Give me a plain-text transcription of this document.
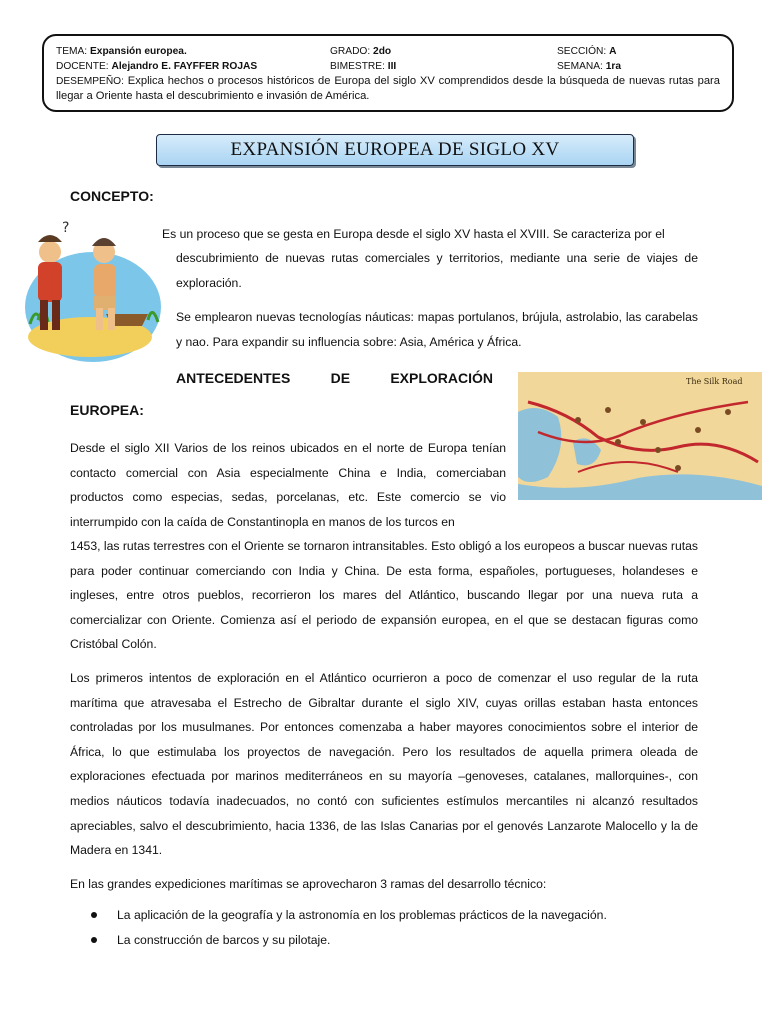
TEMA: Expansión europea.	GRADO: 2do	SECCIÓN: A
DOCENTE: Alejandro E. FAYFFER ROJAS	BIMESTRE: III	SEMANA: 1ra
DESEMPEÑO: Explica hechos o procesos históricos de Europa del siglo XV comprendidos desde la búsqueda de nuevas rutas para llegar a Oriente hasta el descubrimiento e invasión de América.
EXPANSIÓN EUROPEA DE SIGLO XV
CONCEPTO:
?	Es un proceso que se gesta en Europa desde el siglo XV hasta el XVIII. Se caracteriza por el
descubrimiento de nuevas rutas comerciales y territorios, mediante una serie de viajes de exploración.
Se emplearon nuevas tecnologías náuticas: mapas portulanos, brújula, astrolabio, las carabelas y nao. Para expandir su influencia sobre: Asia, América y África.
ANTECEDENTES	DE	EXPLORACIÓN
EUROPEA:
The Silk Road
Desde el siglo XII Varios de los reinos ubicados en el norte de Europa tenían contacto comercial con Asia especialmente China e India, comerciaban productos como especias, sedas, porcelanas, etc. Este comercio se vio interrumpido con la caída de Constantinopla en manos de los turcos en
1453, las rutas terrestres con el Oriente se tornaron intransitables. Esto obligó a los europeos a buscar nuevas rutas para poder continuar comerciando con India y China. De esta forma, españoles, portugueses, holandeses e ingleses, entre otros pueblos, recorrieron los mares del Atlántico, buscando llegar por una nueva ruta a comercializar con Oriente. Comienza así el periodo de expansión europea, en el que se destacan figuras como Cristóbal Colón.
Los primeros intentos de exploración en el Atlántico ocurrieron a poco de comenzar el uso regular de la ruta marítima que atravesaba el Estrecho de Gibraltar durante el siglo XIV, cuyas orillas estaban hasta entonces controladas por los musulmanes. Por entonces comenzaba a haber mayores conocimientos sobre el interior de África, lo que estimulaba los proyectos de navegación. Pero los resultados de aquella primera oleada de exploraciones efectuada por marinos mediterráneos en su mayoría –genoveses, catalanes, mallorquines-, con medios náuticos todavía inadecuados, no contó con suficientes estímulos mercantiles ni alcanzó resultados apreciables, salvo el descubrimiento, hacia 1336, de las Islas Canarias por el genovés Lanzarote Malocello y la de Madera en 1341.
En las grandes expediciones marítimas se aprovecharon 3 ramas del desarrollo técnico:
La aplicación de la geografía y la astronomía en los problemas prácticos de la navegación.
La construcción de barcos y su pilotaje.
